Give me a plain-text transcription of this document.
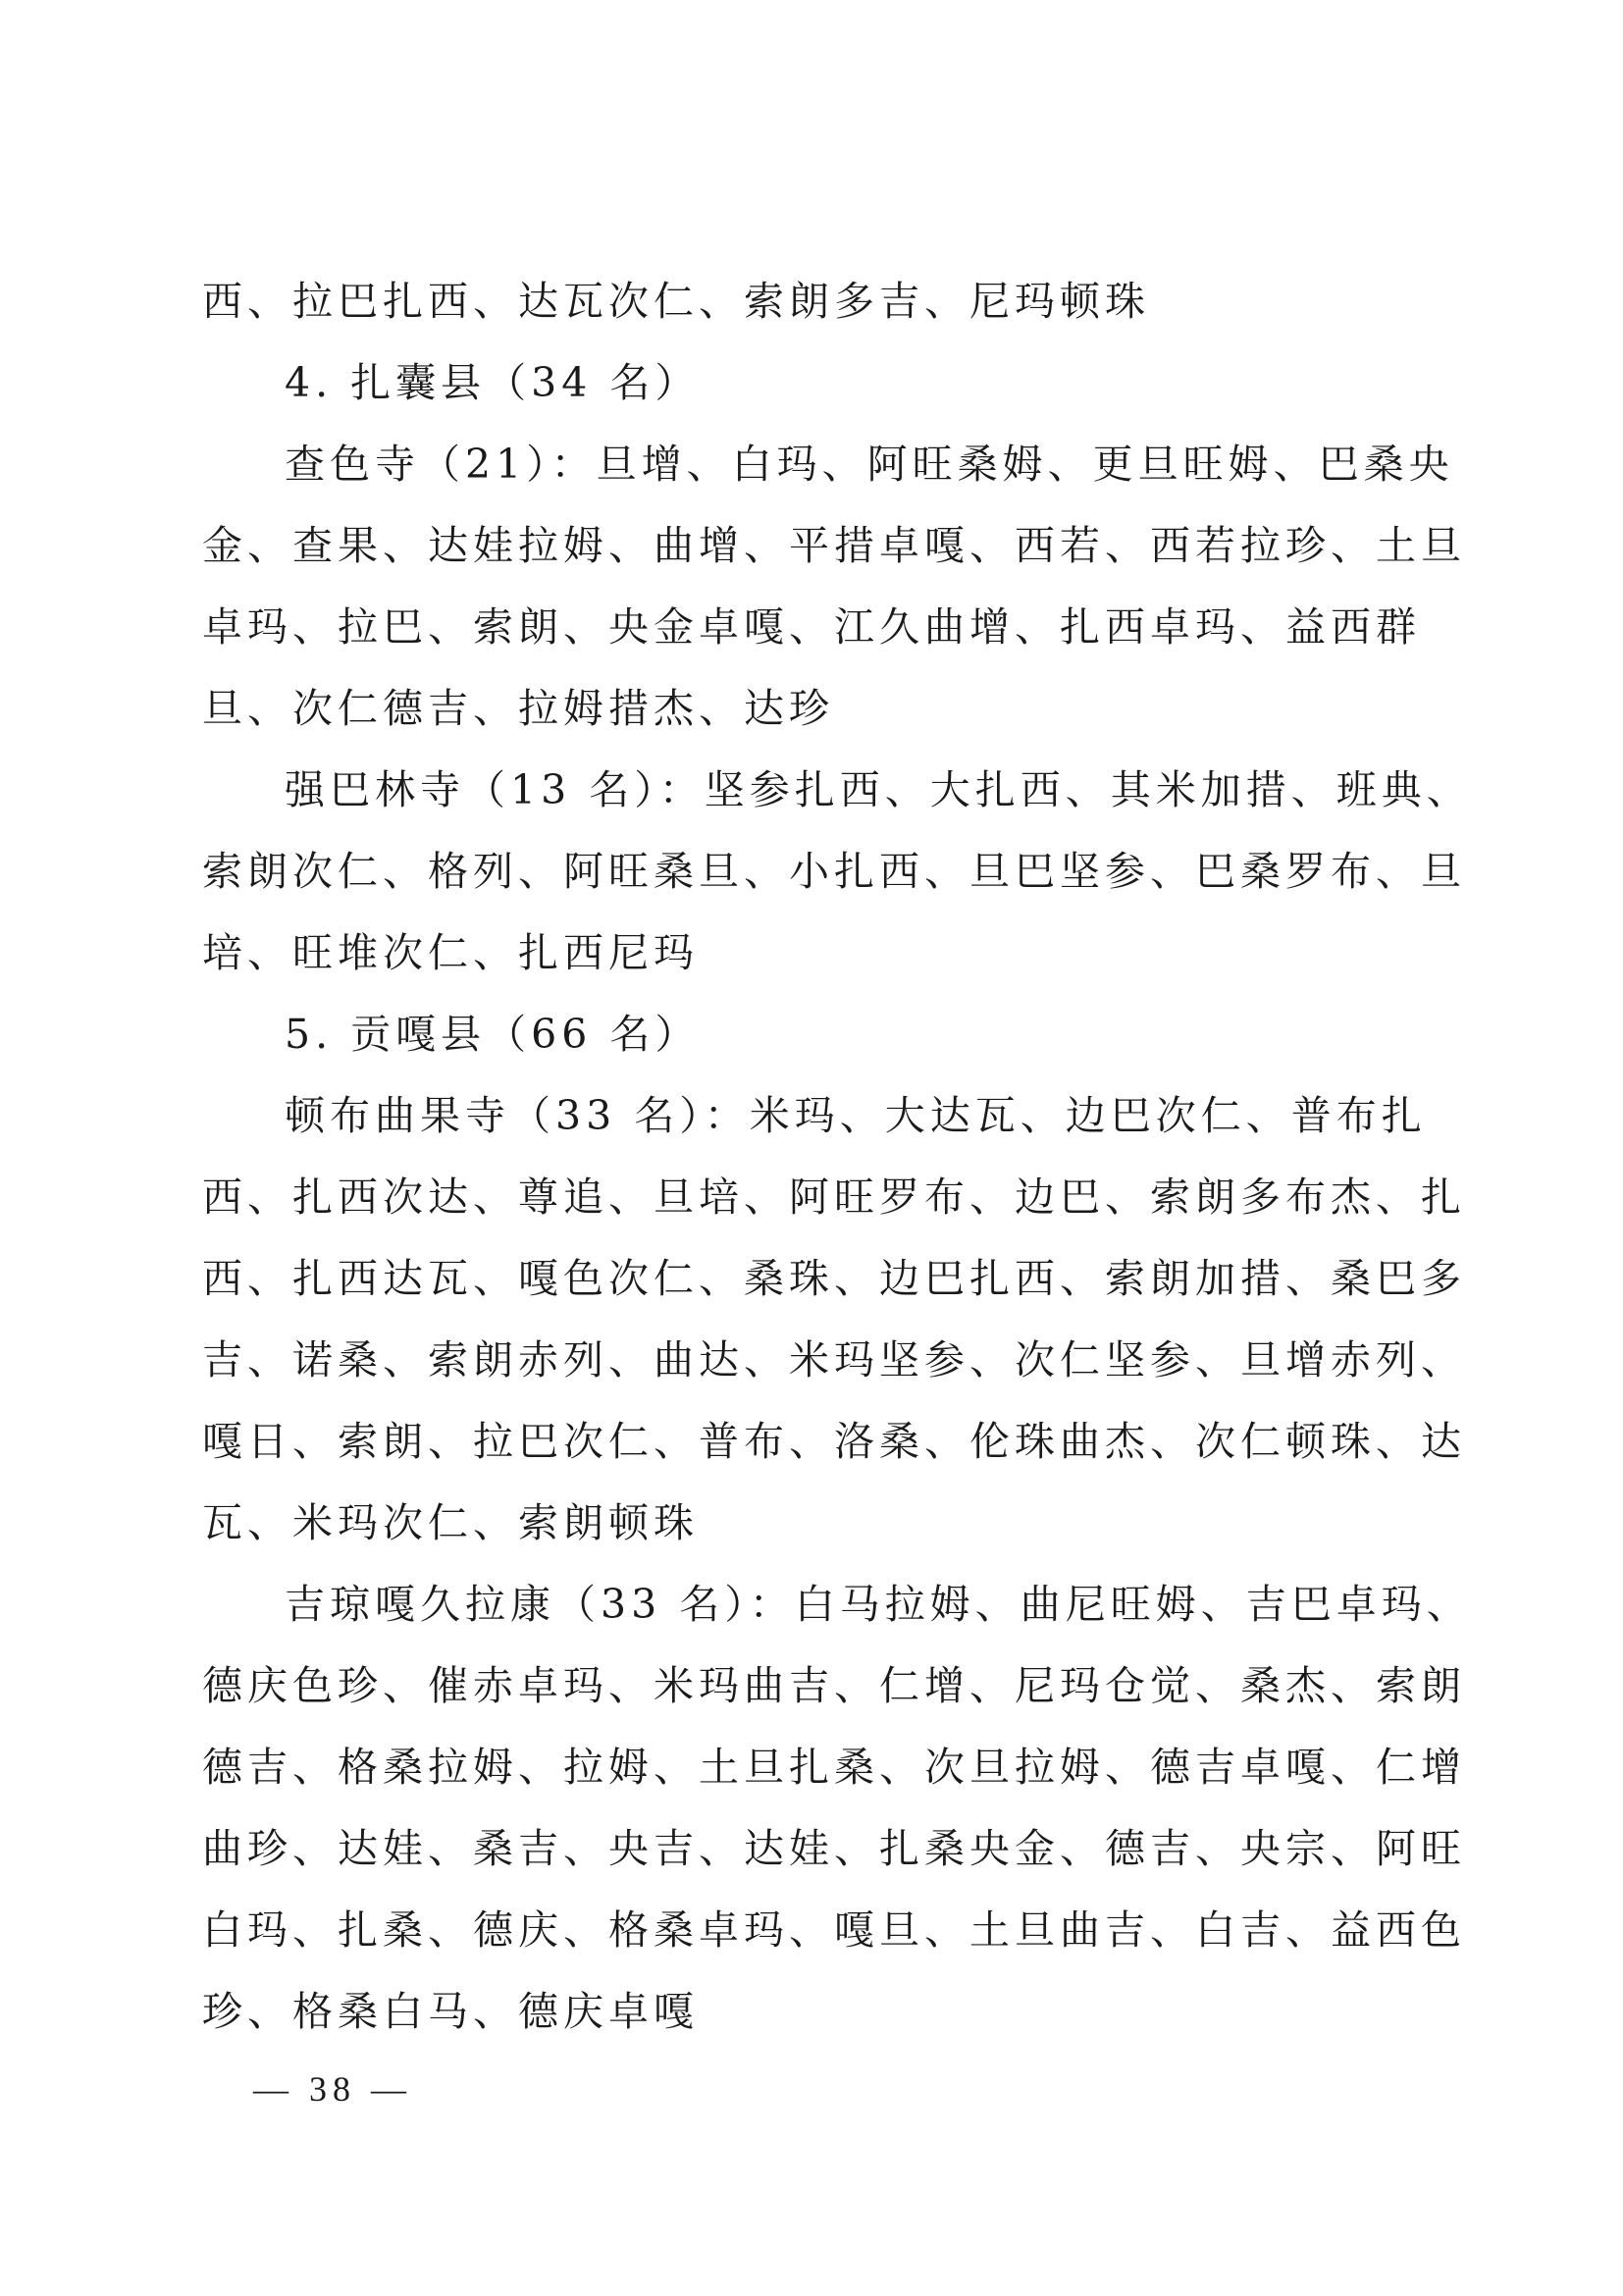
西、拉巴扎西、达瓦次仁、索朗多吉、尼玛顿珠
4. 扎囊县（34 名）
查色寺（21）：旦增、白玛、阿旺桑姆、更旦旺姆、巴桑央
金、查果、达娃拉姆、曲增、平措卓嘎、西若、西若拉珍、土旦
卓玛、拉巴、索朗、央金卓嘎、江久曲增、扎西卓玛、益西群
旦、次仁德吉、拉姆措杰、达珍
强巴林寺（13 名）：坚参扎西、大扎西、其米加措、班典、
索朗次仁、格列、阿旺桑旦、小扎西、旦巴坚参、巴桑罗布、旦
培、旺堆次仁、扎西尼玛
5. 贡嘎县（66 名）
顿布曲果寺（33 名）：米玛、大达瓦、边巴次仁、普布扎
西、扎西次达、尊追、旦培、阿旺罗布、边巴、索朗多布杰、扎
西、扎西达瓦、嘎色次仁、桑珠、边巴扎西、索朗加措、桑巴多
吉、诺桑、索朗赤列、曲达、米玛坚参、次仁坚参、旦增赤列、
嘎日、索朗、拉巴次仁、普布、洛桑、伦珠曲杰、次仁顿珠、达
瓦、米玛次仁、索朗顿珠
吉琼嘎久拉康（33 名）：白马拉姆、曲尼旺姆、吉巴卓玛、
德庆色珍、催赤卓玛、米玛曲吉、仁增、尼玛仓觉、桑杰、索朗
德吉、格桑拉姆、拉姆、土旦扎桑、次旦拉姆、德吉卓嘎、仁增
曲珍、达娃、桑吉、央吉、达娃、扎桑央金、德吉、央宗、阿旺
白玛、扎桑、德庆、格桑卓玛、嘎旦、土旦曲吉、白吉、益西色
珍、格桑白马、德庆卓嘎
— 38 —
